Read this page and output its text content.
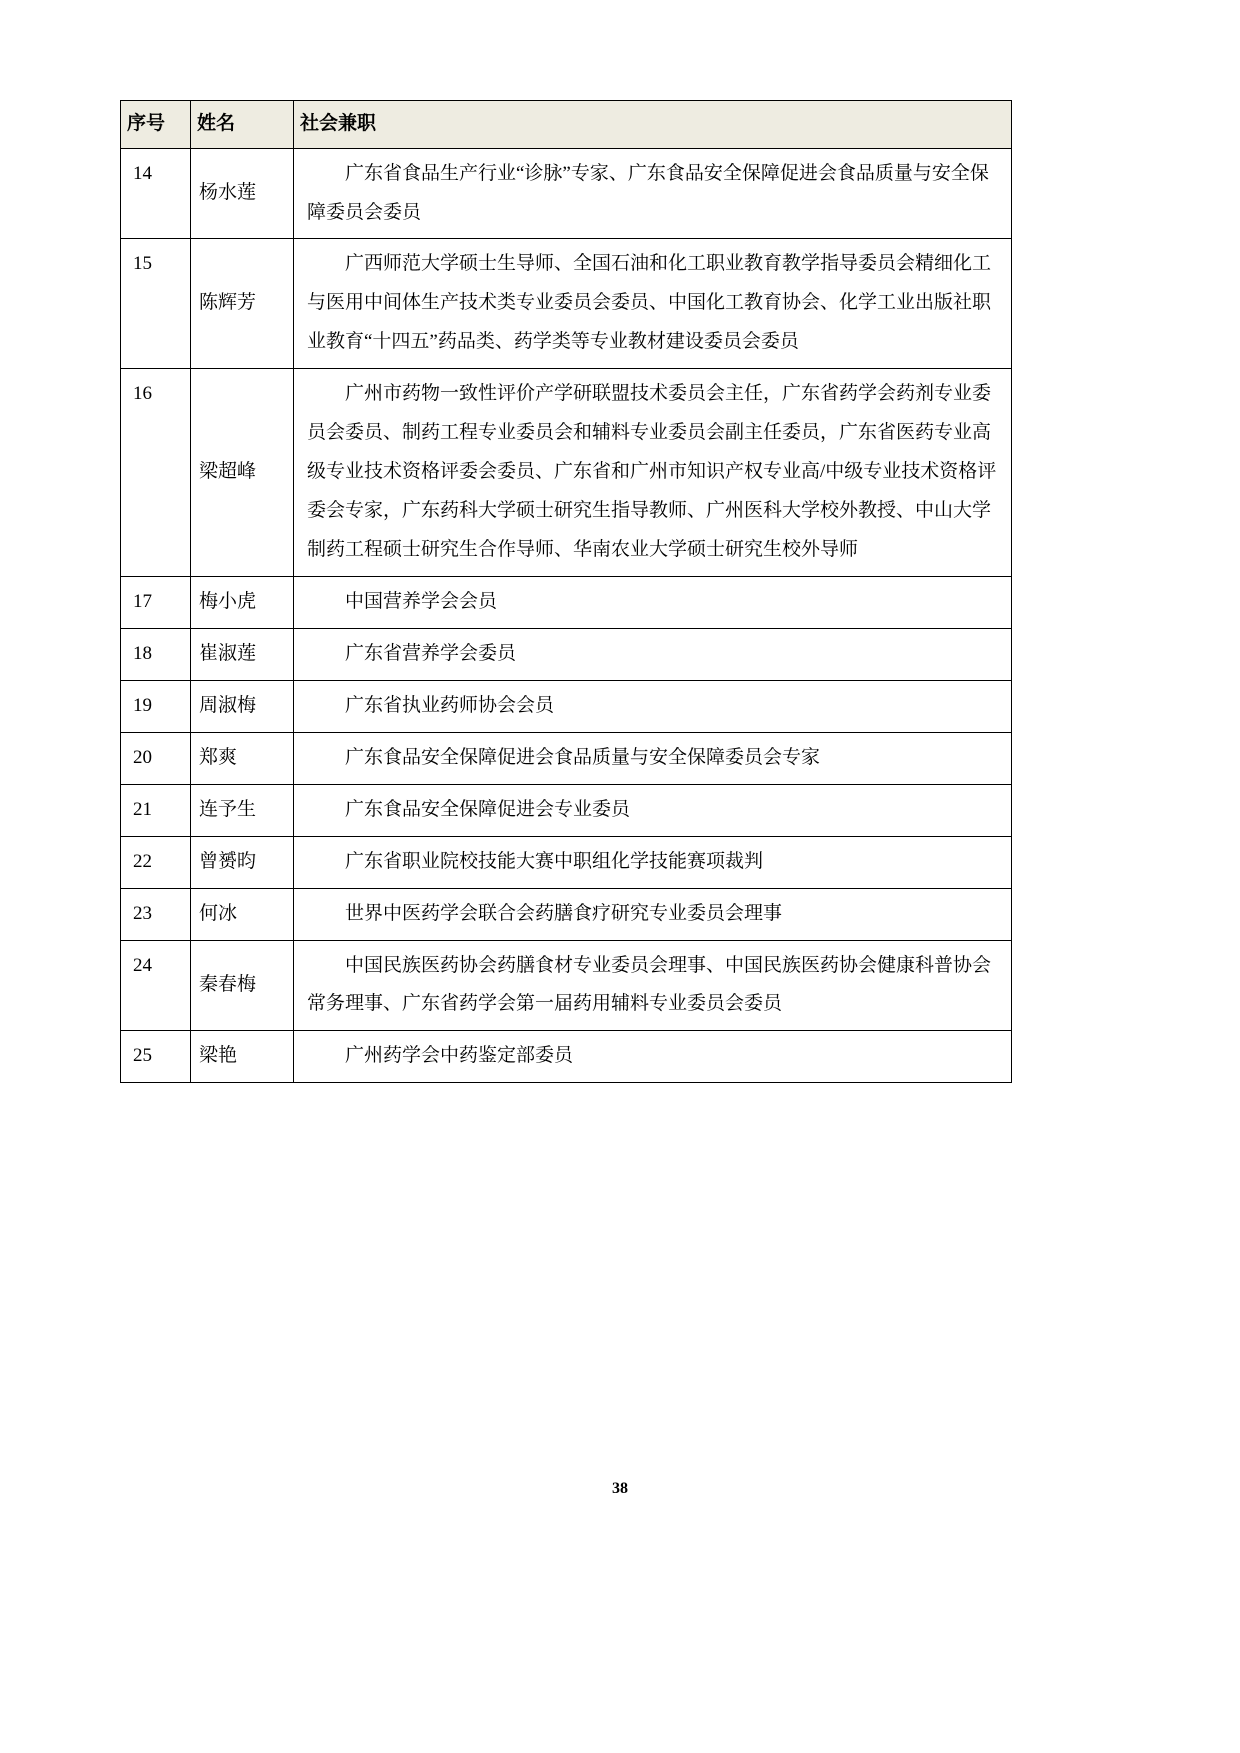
序号	姓名	社会兼职
14	杨水莲	广东省食品生产行业“诊脉”专家、广东食品安全保障促进会食品质量与安全保障委员会委员

15	陈辉芳	广西师范大学硕士生导师、全国石油和化工职业教育教学指导委员会精细化工与医用中间体生产技术类专业委员会委员、中国化工教育协会、化学工业出版社职业教育“十四五”药品类、药学类等专业教材建设委员会委员

16	梁超峰	广州市药物一致性评价产学研联盟技术委员会主任，广东省药学会药剂专业委员会委员、制药工程专业委员会和辅料专业委员会副主任委员，广东省医药专业高级专业技术资格评委会委员、广东省和广州市知识产权专业高/中级专业技术资格评委会专家，广东药科大学硕士研究生指导教师、广州医科大学校外教授、中山大学制药工程硕士研究生合作导师、华南农业大学硕士研究生校外导师

17	梅小虎	中国营养学会会员

18	崔淑莲	广东省营养学会委员

19	周淑梅	广东省执业药师协会会员

20	郑爽	广东食品安全保障促进会食品质量与安全保障委员会专家

21	连予生	广东食品安全保障促进会专业委员

22	曾赟昀	广东省职业院校技能大赛中职组化学技能赛项裁判

23	何冰	世界中医药学会联合会药膳食疗研究专业委员会理事

24	秦春梅	中国民族医药协会药膳食材专业委员会理事、中国民族医药协会健康科普协会常务理事、广东省药学会第一届药用辅料专业委员会委员

25	梁艳	广州药学会中药鉴定部委员

38
